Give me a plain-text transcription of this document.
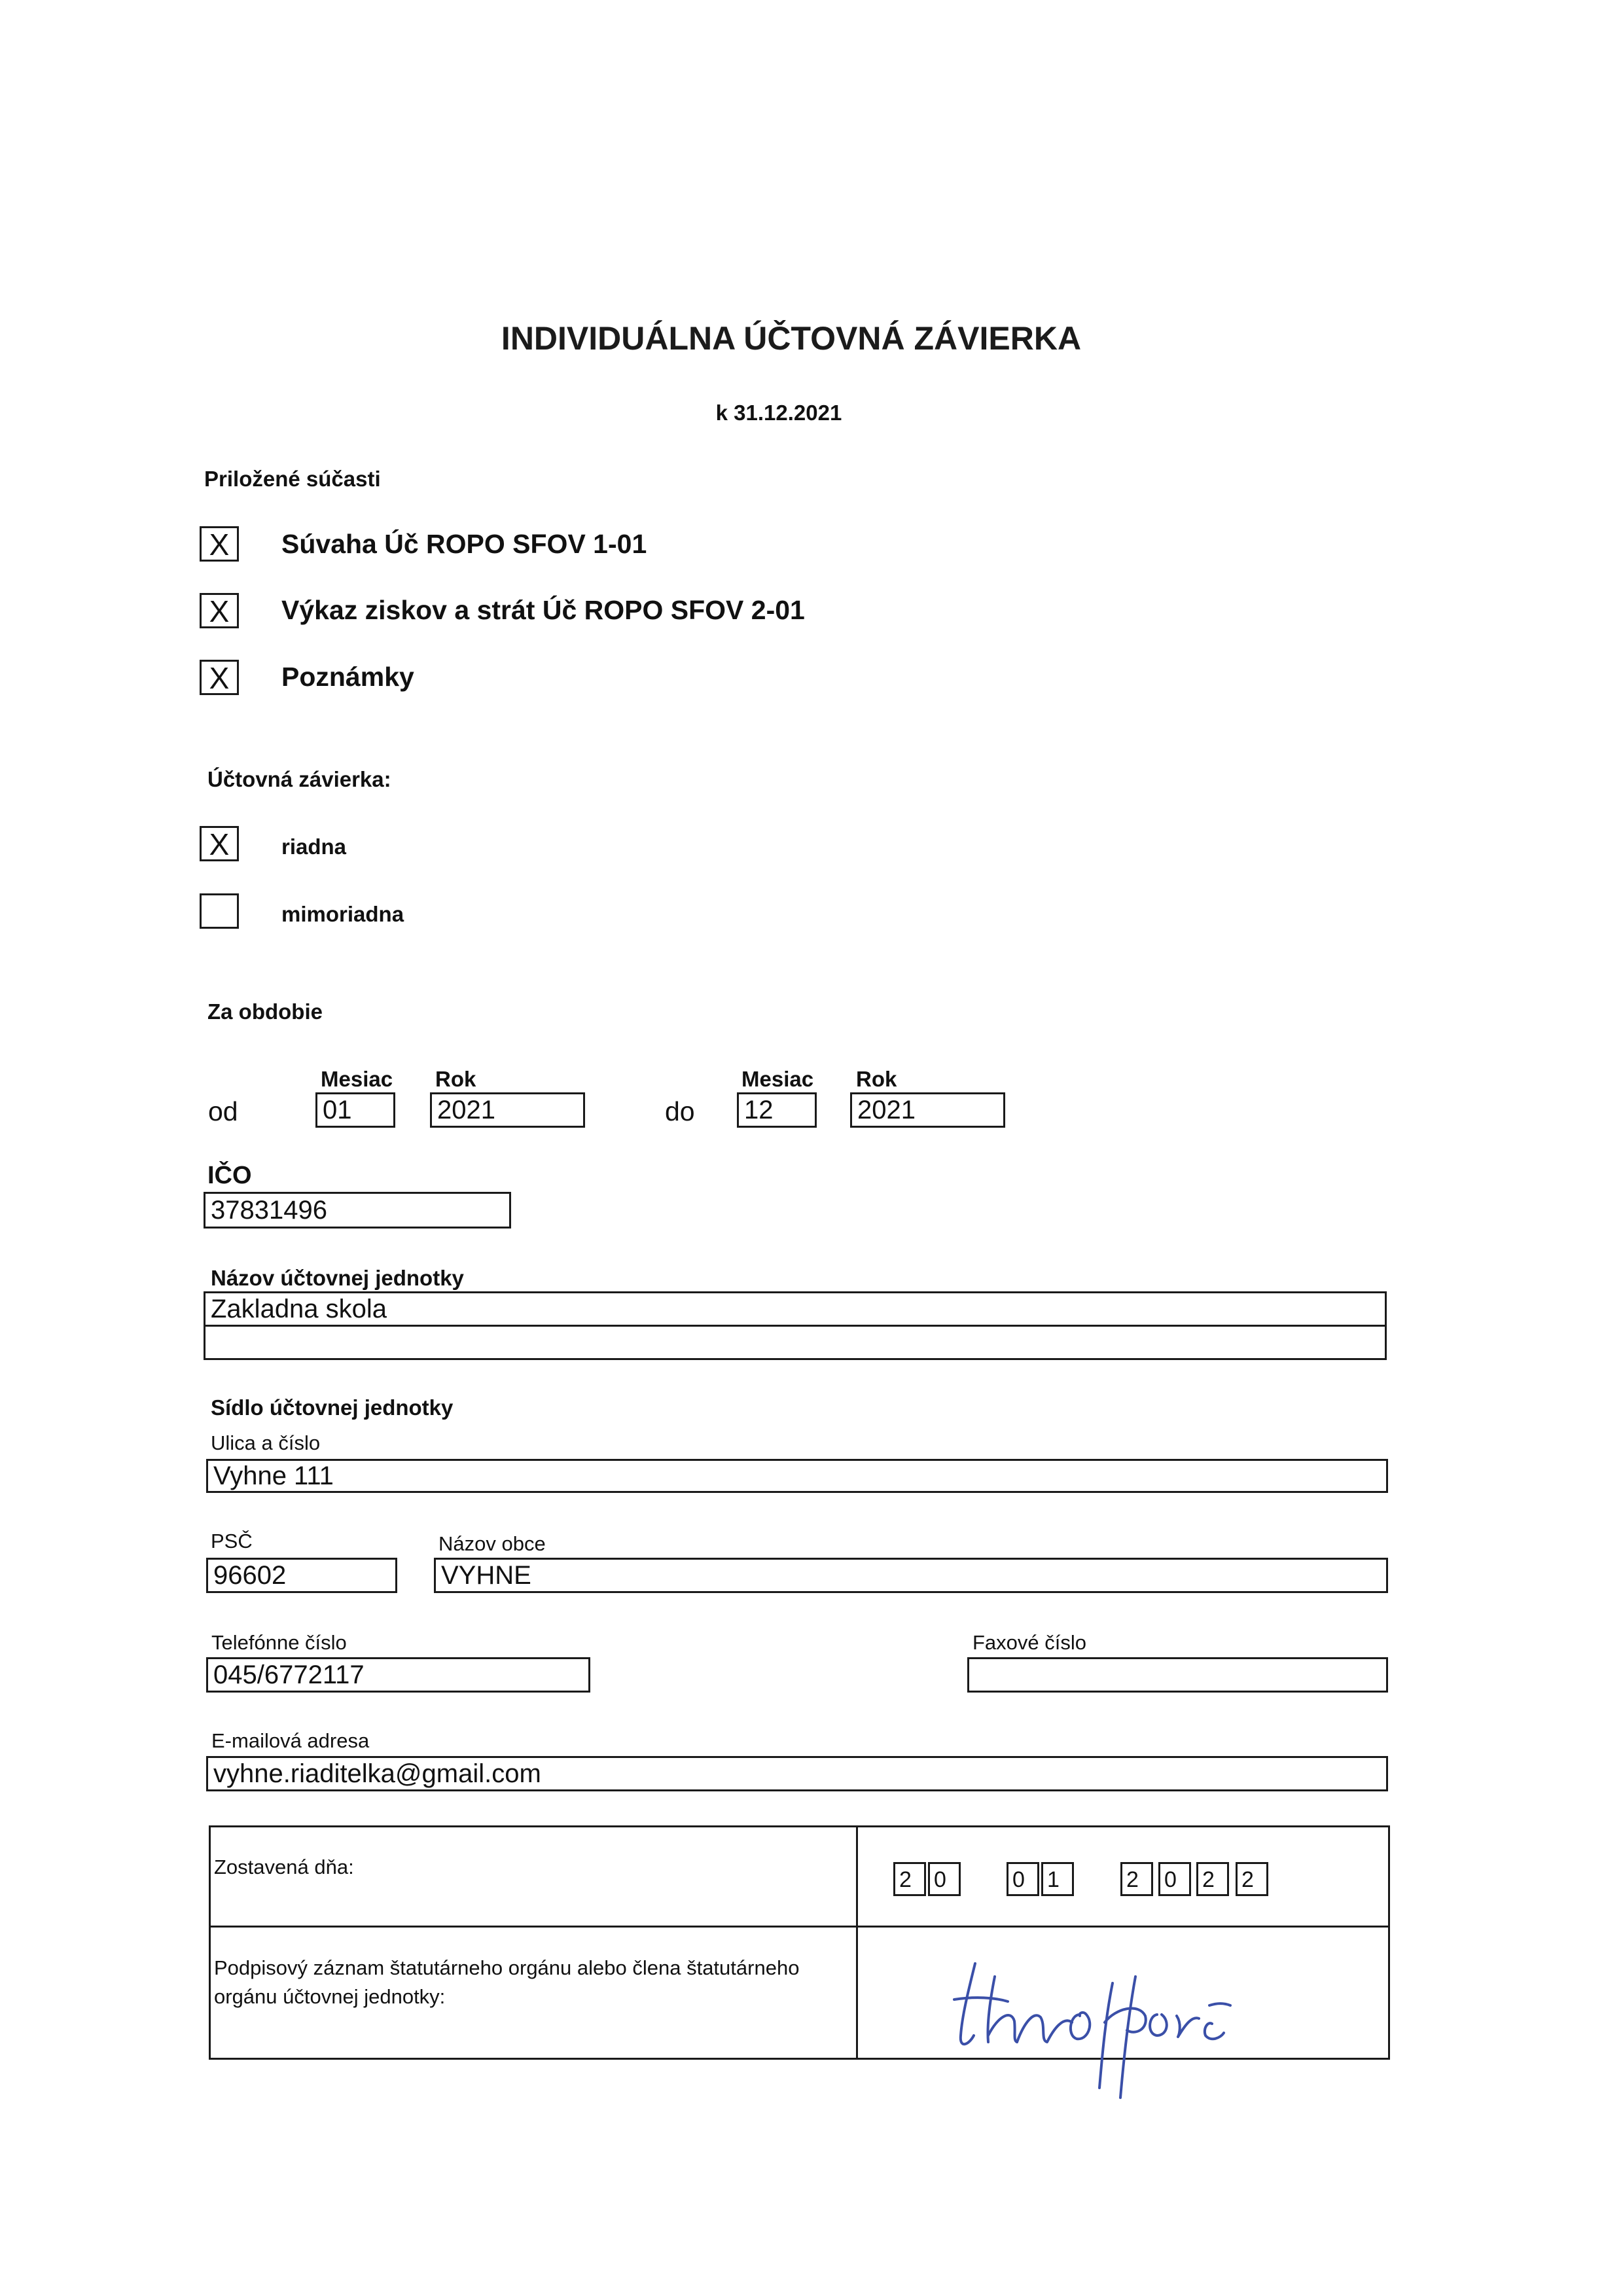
INDIVIDUÁLNA ÚČTOVNÁ ZÁVIERKA
k 31.12.2021
Priložené súčasti
X	Súvaha Úč ROPO SFOV 1-01
X	Výkaz ziskov a strát Úč ROPO SFOV 2-01
X	Poznámky
Účtovná závierka:
X	riadna
mimoriadna
Za obdobie
Mesiac Rok	Mesiac Rok
od	01	2021	do 12	2021
IČO
37831496
Názov účtovnej jednotky
Zakladna skola
Sídlo účtovnej jednotky
Ulica a číslo
Vyhne 111
PSČ
96602
Názov obce
VYHNE
Telefónne číslo
045/6772117
Faxové číslo
E-mailová adresa
vyhne.riaditelka@gmail.com
Zostavená dňa:
2	0	0	1	2	0	2	2
Podpisový záznam štatutárneho orgánu alebo člena štatutárneho orgánu účtovnej jednotky:
